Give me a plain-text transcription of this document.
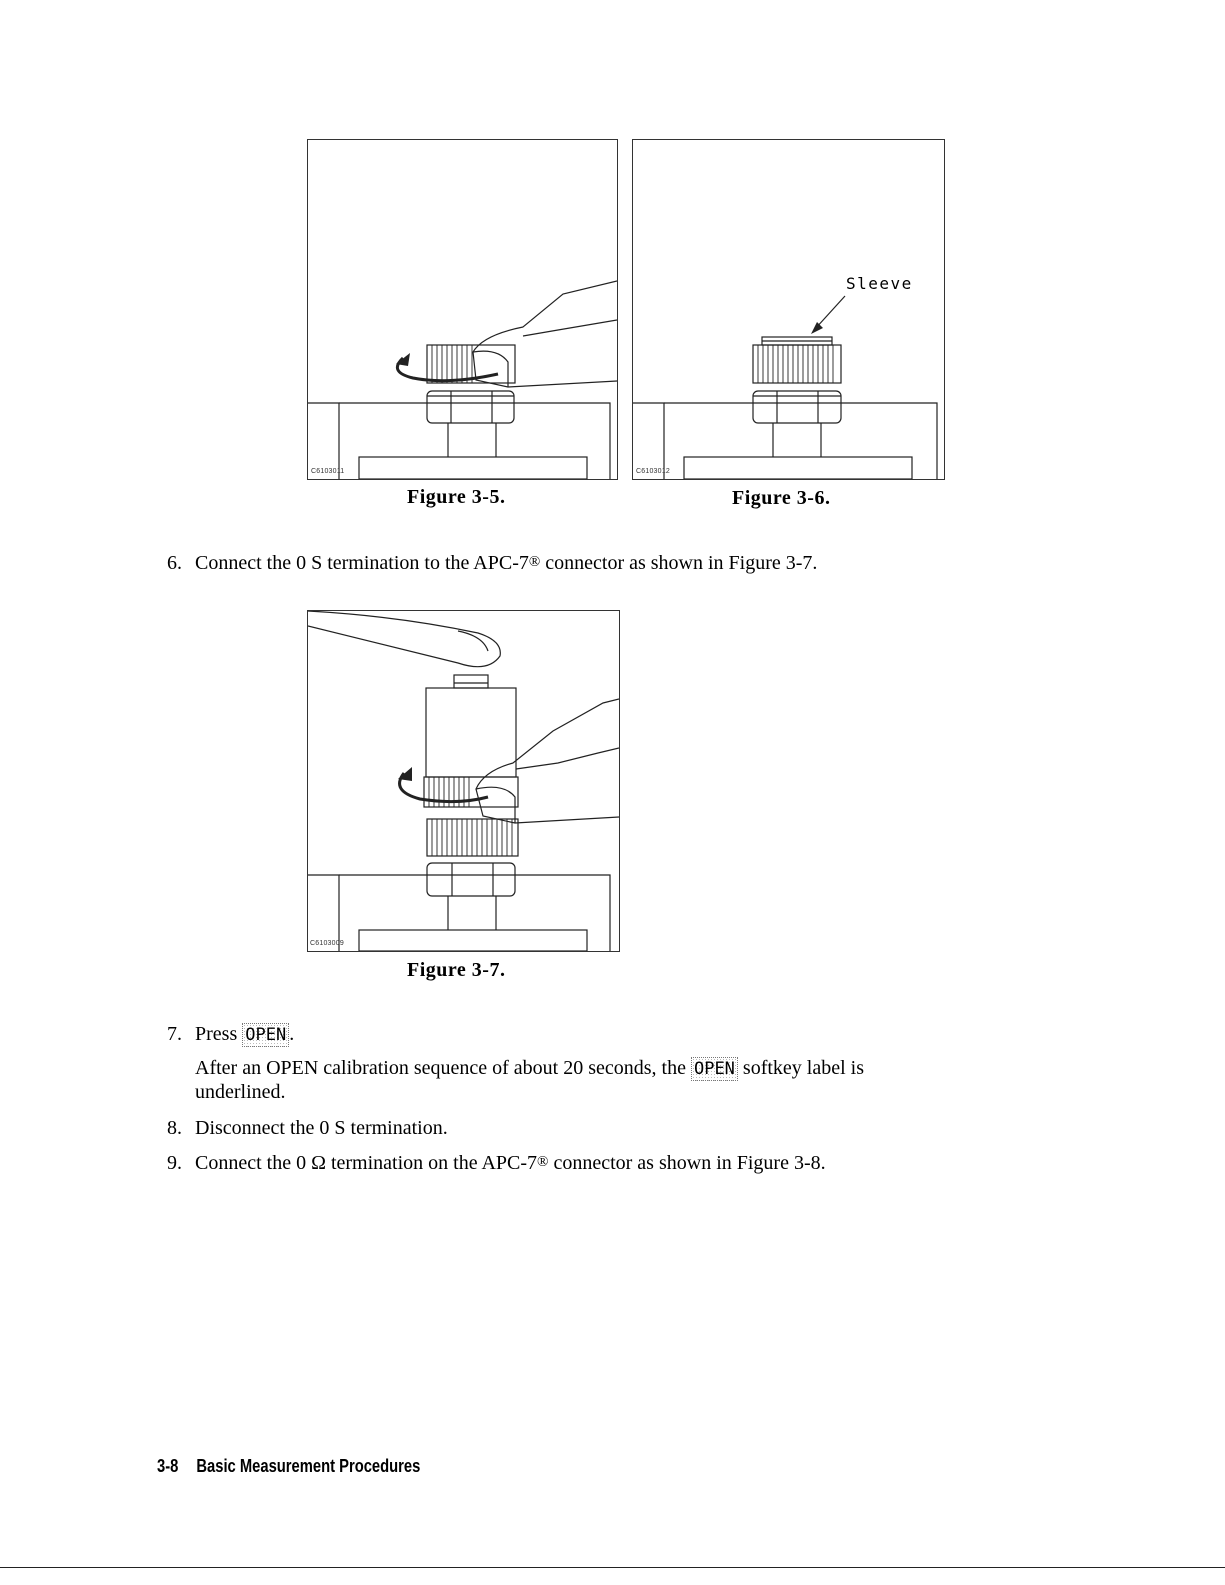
C6103011
Figure 3-5.
C6103012
Sleeve
Figure 3-6.
6. Connect the 0 S termination to the APC-7® connector as shown in Figure 3-7.
C6103009
Figure 3-7.
7. Press OPEN .
After an OPEN calibration sequence of about 20 seconds, the OPEN softkey label is
underlined.
8. Disconnect the 0 S termination.
9. Connect the 0 Ω termination on the APC-7® connector as shown in Figure 3-8.
3-8 Basic Measurement Procedures
